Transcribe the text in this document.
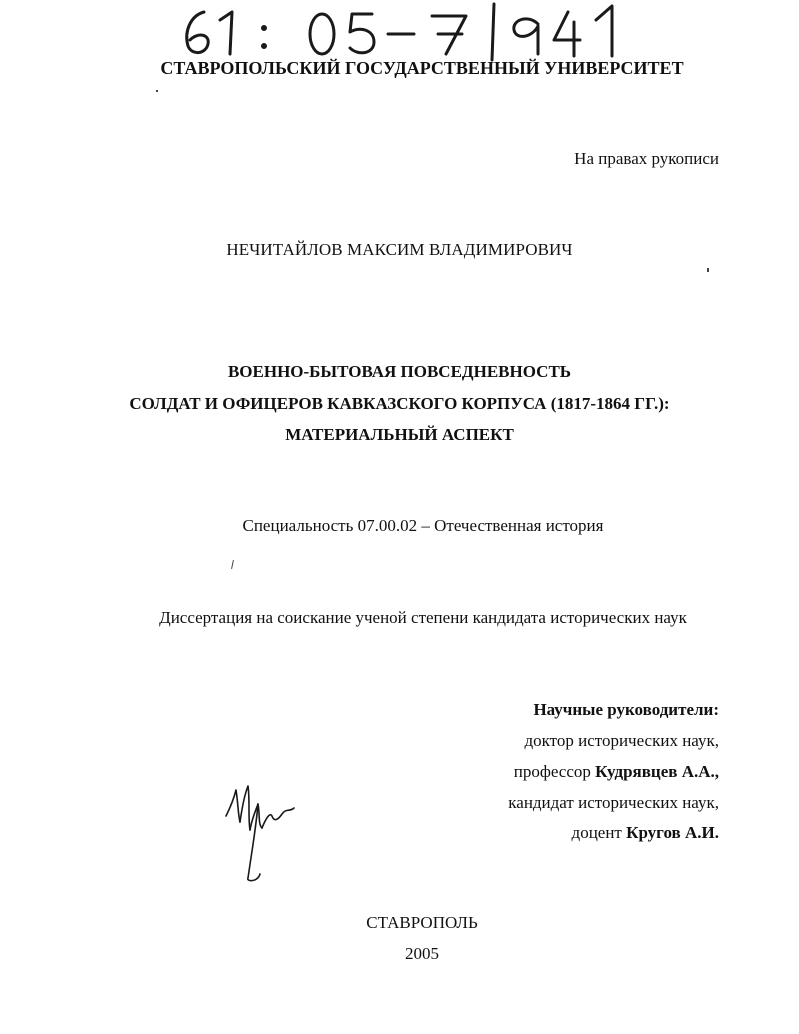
СТАВРОПОЛЬСКИЙ ГОСУДАРСТВЕННЫЙ УНИВЕРСИТЕТ
На правах рукописи
НЕЧИТАЙЛОВ МАКСИМ ВЛАДИМИРОВИЧ
ВОЕННО-БЫТОВАЯ ПОВСЕДНЕВНОСТЬ
СОЛДАТ И ОФИЦЕРОВ КАВКАЗСКОГО КОРПУСА (1817-1864 ГГ.):
МАТЕРИАЛЬНЫЙ АСПЕКТ
Специальность 07.00.02 – Отечественная история
Диссертация на соискание ученой степени кандидата исторических наук
Научные руководители:
доктор исторических наук,
профессор Кудрявцев А.А.,
кандидат исторических наук,
доцент Кругов А.И.
СТАВРОПОЛЬ
2005
